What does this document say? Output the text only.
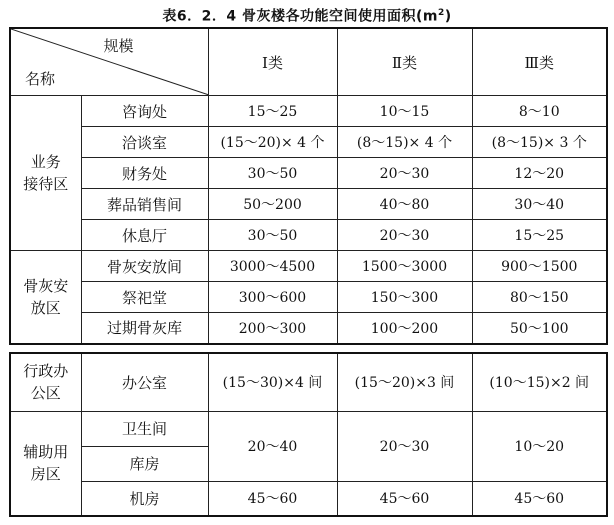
表6．2．4 骨灰楼各功能空间使用面积$(m^2)$
规模
名称		Ⅰ类	Ⅱ类	Ⅲ类

业务
接待区	咨询处	15～25	10～15	8～10
	洽谈室	(15～20)× 4 个	(8～15)× 4 个	(8～15)× 3 个
	财务处	30～50	20～30	12～20
	葬品销售间	50～200	40～80	30～40
	休息厅	30～50	20～30	15～25

骨灰安
放区	骨灰安放间	3000～4500	1500～3000	900～1500
	祭祀堂	300～600	150～300	80～150
	过期骨灰库	200～300	100～200	50～100
行政办
公区	办公室	(15～30)×4 间	(15～20)×3 间	(10～15)×2 间

辅助用
房区	卫生间	20～40	20～30	10～20
	库房			
	机房	45～60	45～60	45～60
